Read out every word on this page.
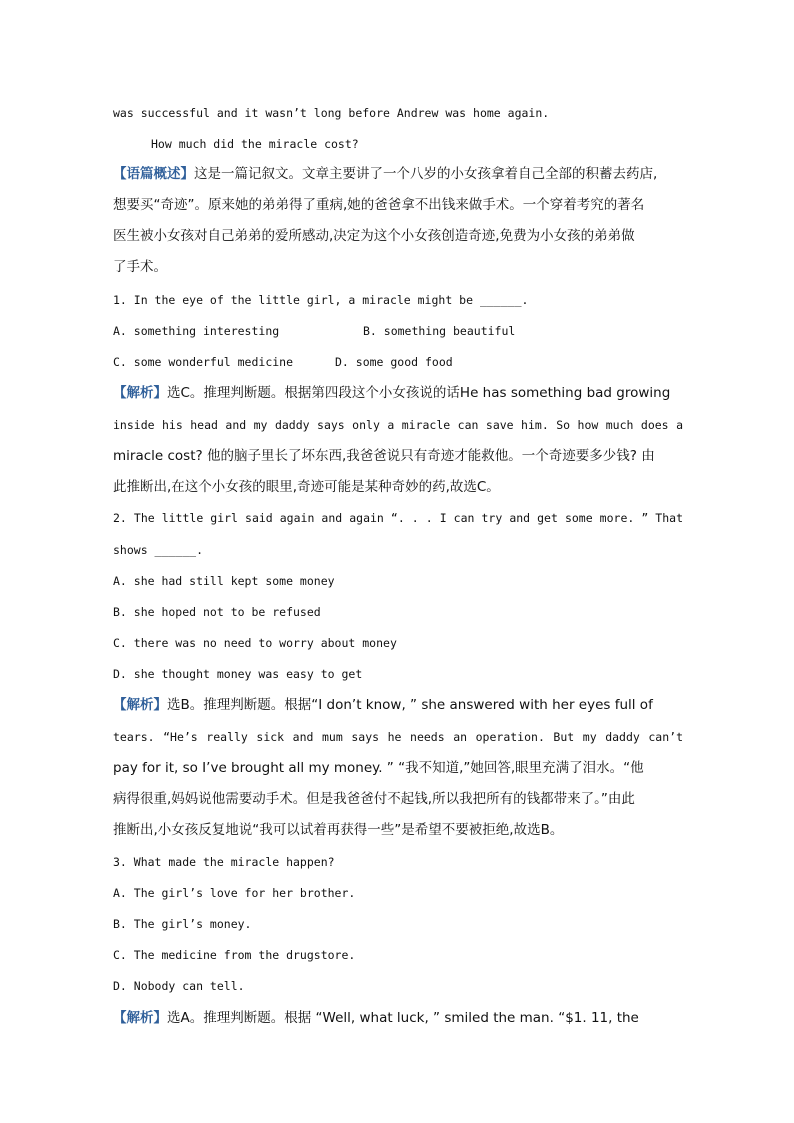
was successful and it wasn’t long before Andrew was home again.
How much did the miracle cost?
【语篇概述】这是一篇记叙文。文章主要讲了一个八岁的小女孩拿着自己全部的积蓄去药店,
想要买“奇迹”。原来她的弟弟得了重病,她的爸爸拿不出钱来做手术。一个穿着考究的著名
医生被小女孩对自己弟弟的爱所感动,决定为这个小女孩创造奇迹,免费为小女孩的弟弟做
了手术。
1. In the eye of the little girl, a miracle might be ______.
A. something interesting	B. something beautiful
C. some wonderful medicine	D. some good food
【解析】选C。推理判断题。根据第四段这个小女孩说的话He has something bad growing
inside his head and my daddy says only a miracle can save him. So how much does a
miracle cost? 他的脑子里长了坏东西,我爸爸说只有奇迹才能救他。一个奇迹要多少钱? 由
此推断出,在这个小女孩的眼里,奇迹可能是某种奇妙的药,故选C。
2. The little girl said again and again “. . . I can try and get some more. ” That
shows ______.
A. she had still kept some money
B. she hoped not to be refused
C. there was no need to worry about money
D. she thought money was easy to get
【解析】选B。推理判断题。根据“I don’t know, ” she answered with her eyes full of
tears. “He’s really sick and mum says he needs an operation. But my daddy can’t
pay for it, so I’ve brought all my money. ” “我不知道,”她回答,眼里充满了泪水。“他
病得很重,妈妈说他需要动手术。但是我爸爸付不起钱,所以我把所有的钱都带来了。”由此
推断出,小女孩反复地说“我可以试着再获得一些”是希望不要被拒绝,故选B。
3. What made the miracle happen?
A. The girl’s love for her brother.
B. The girl’s money.
C. The medicine from the drugstore.
D. Nobody can tell.
【解析】选A。推理判断题。根据 “Well, what luck, ” smiled the man. “$1. 11, the
